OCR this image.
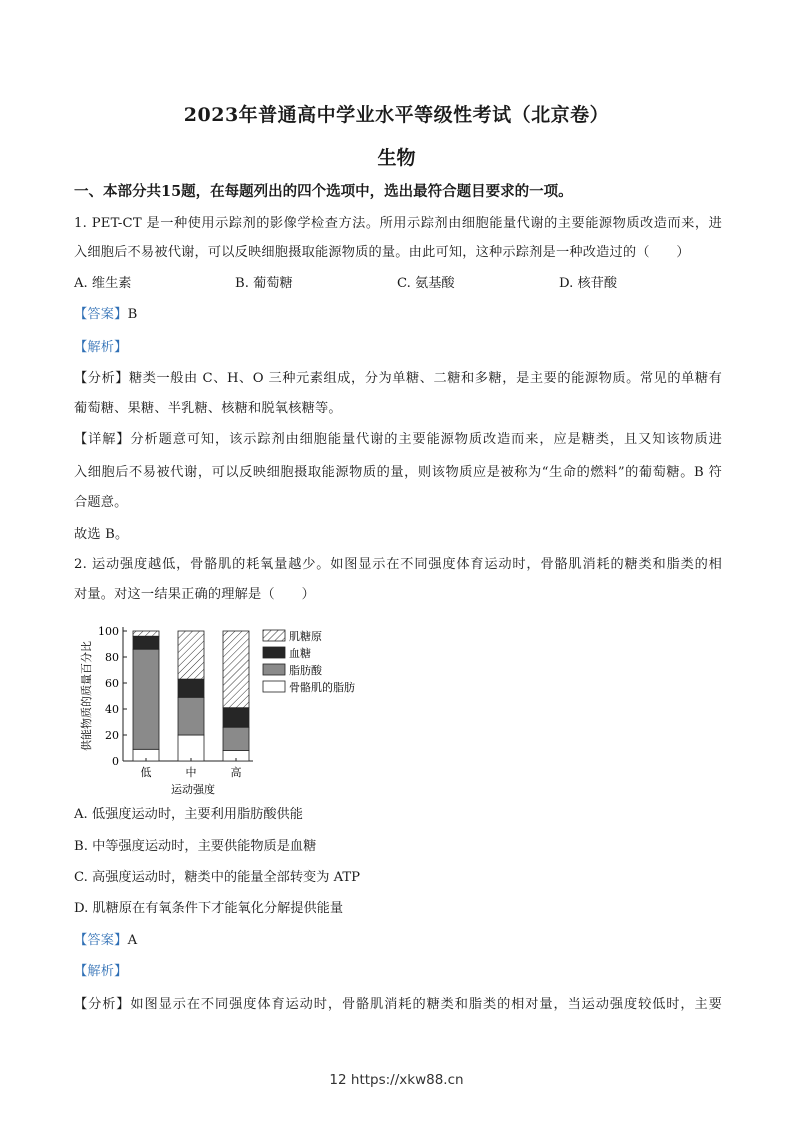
2023年普通高中学业水平等级性考试（北京卷）
生物
一、本部分共15题，在每题列出的四个选项中，选出最符合题目要求的一项。
1. PET-CT 是一种使用示踪剂的影像学检查方法。所用示踪剂由细胞能量代谢的主要能源物质改造而来，进
入细胞后不易被代谢，可以反映细胞摄取能源物质的量。由此可知，这种示踪剂是一种改造过的（　　）
A. 维生素	B. 葡萄糖	C. 氨基酸	D. 核苷酸
【答案】B
【解析】
【分析】糖类一般由 C、H、O 三种元素组成，分为单糖、二糖和多糖，是主要的能源物质。常见的单糖有
葡萄糖、果糖、半乳糖、核糖和脱氧核糖等。
【详解】分析题意可知，该示踪剂由细胞能量代谢的主要能源物质改造而来，应是糖类，且又知该物质进
入细胞后不易被代谢，可以反映细胞摄取能源物质的量，则该物质应是被称为“生命的燃料”的葡萄糖。B 符
合题意。
故选 B。
2. 运动强度越低，骨骼肌的耗氧量越少。如图显示在不同强度体育运动时，骨骼肌消耗的糖类和脂类的相
对量。对这一结果正确的理解是（　　）
供能物质的质量百分比
0
20
40
60
80
100
低	中	高
运动强度
肌糖原
血糖
脂肪酸
骨骼肌的脂肪
A. 低强度运动时，主要利用脂肪酸供能
B. 中等强度运动时，主要供能物质是血糖
C. 高强度运动时，糖类中的能量全部转变为 ATP
D. 肌糖原在有氧条件下才能氧化分解提供能量
【答案】A
【解析】
【分析】如图显示在不同强度体育运动时，骨骼肌消耗的糖类和脂类的相对量，当运动强度较低时，主要
12 https://xkw88.cn
